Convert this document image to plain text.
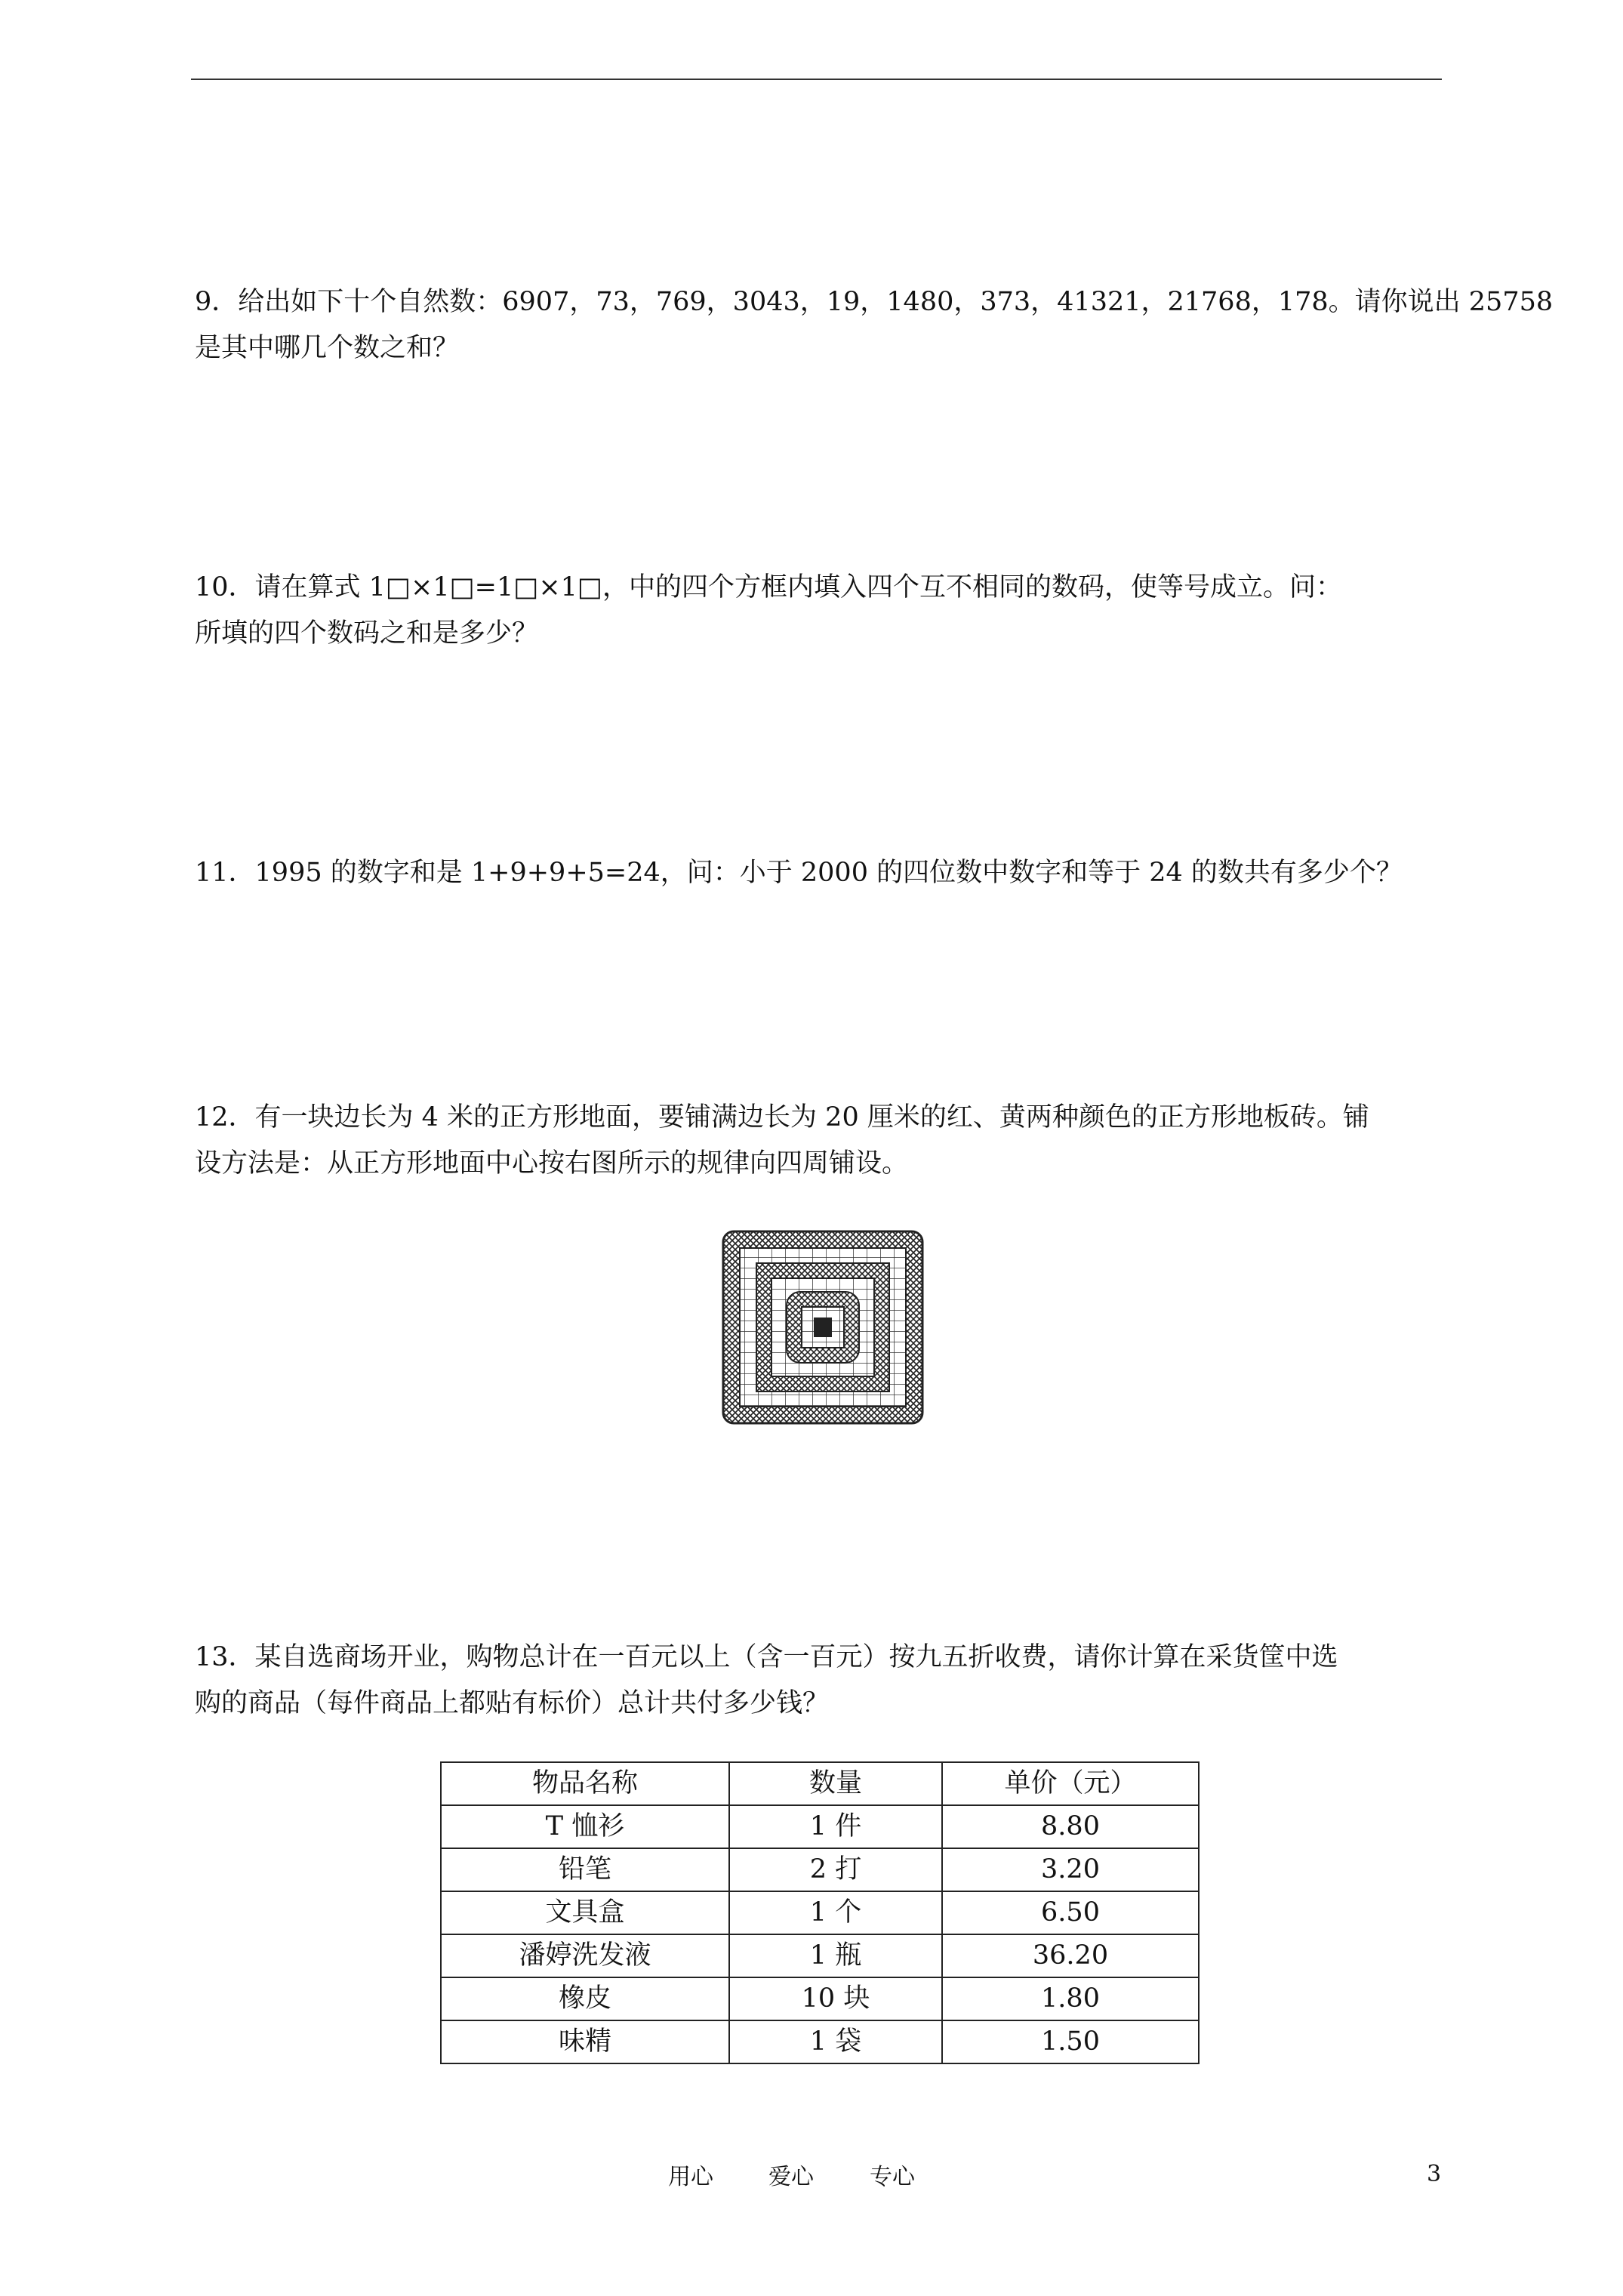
9．给出如下十个自然数：6907，73，769，3043，19，1480，373，41321，21768，178。请你说出 25758

是其中哪几个数之和？

10．请在算式 1□×1□=1□×1□，中的四个方框内填入四个互不相同的数码，使等号成立。问：

所填的四个数码之和是多少？

11．1995 的数字和是 1+9+9+5=24，问：小于 2000 的四位数中数字和等于 24 的数共有多少个？

12．有一块边长为 4 米的正方形地面，要铺满边长为 20 厘米的红、黄两种颜色的正方形地板砖。铺

设方法是：从正方形地面中心按右图所示的规律向四周铺设。

13．某自选商场开业，购物总计在一百元以上（含一百元）按九五折收费，请你计算在采货筐中选

购的商品（每件商品上都贴有标价）总计共付多少钱？

物品名称	数量	单价（元）
T 恤衫	1 件	8.80
铅笔	2 打	3.20
文具盒	1 个	6.50
潘婷洗发液	1 瓶	36.20
橡皮	10 块	1.80
味精	1 袋	1.50
用心 爱心 专心	3
